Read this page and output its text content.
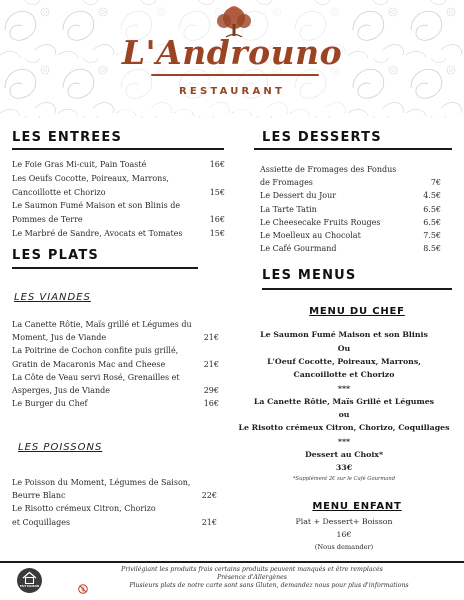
L'Androuno
RESTAURANT
LES ENTREES
Le Foie Gras Mi-cuit, Pain Toasté	16€
Les Oeufs Cocotte, Poireaux, Marrons,
Cancoillotte et Chorizo	15€
Le Saumon Fumé Maison et son Blinis de
Pommes de Terre	16€
Le Marbré de Sandre, Avocats et Tomates	15€
LES PLATS
LES VIANDES
La Canette Rôtie, Maïs grillé et Légumes du
Moment, Jus de Viande	21€
La Poitrine de Cochon confite puis grillé,
Gratin de Macaronis Mac and Cheese	21€
La Côte de Veau servi Rosé, Grenailles et
Asperges, Jus de Viande	29€
Le Burger du Chef	16€
LES POISSONS
Le Poisson du Moment, Légumes de Saison,
Beurre Blanc	22€
Le Risotto crémeux Citron, Chorizo
et Coquillages	21€
LES DESSERTS
Assiette de Fromages des Fondus
de Fromages	7€
Le Dessert du Jour	4.5€
La Tarte Tatin	6.5€
Le Cheesecake Fruits Rouges	6.5€
Le Moelleux au Chocolat	7.5€
Le Café Gourmand	8.5€
LES MENUS
MENU DU CHEF
Le Saumon Fumé Maison et son Blinis
Ou
L'Oeuf Cocotte, Poireaux, Marrons,
Cancoillotte et Chorizo
***
La Canette Rôtie, Maïs Grillé et Légumes
ou
Le Risotto crémeux Citron, Chorizo, Coquillages
***
Dessert au Choix*
33€
*Supplément 2€ sur le Café Gourmand
MENU ENFANT
Plat + Dessert+ Boisson
16€
(Nous demander)
FAIT MAISON
Privilégiant les produits frais certains produits peuvent manqués et être remplacés
Présence d'Allergènes
Plusieurs plats de notre carte sont sans Gluten, demandez nous pour plus d'informations
